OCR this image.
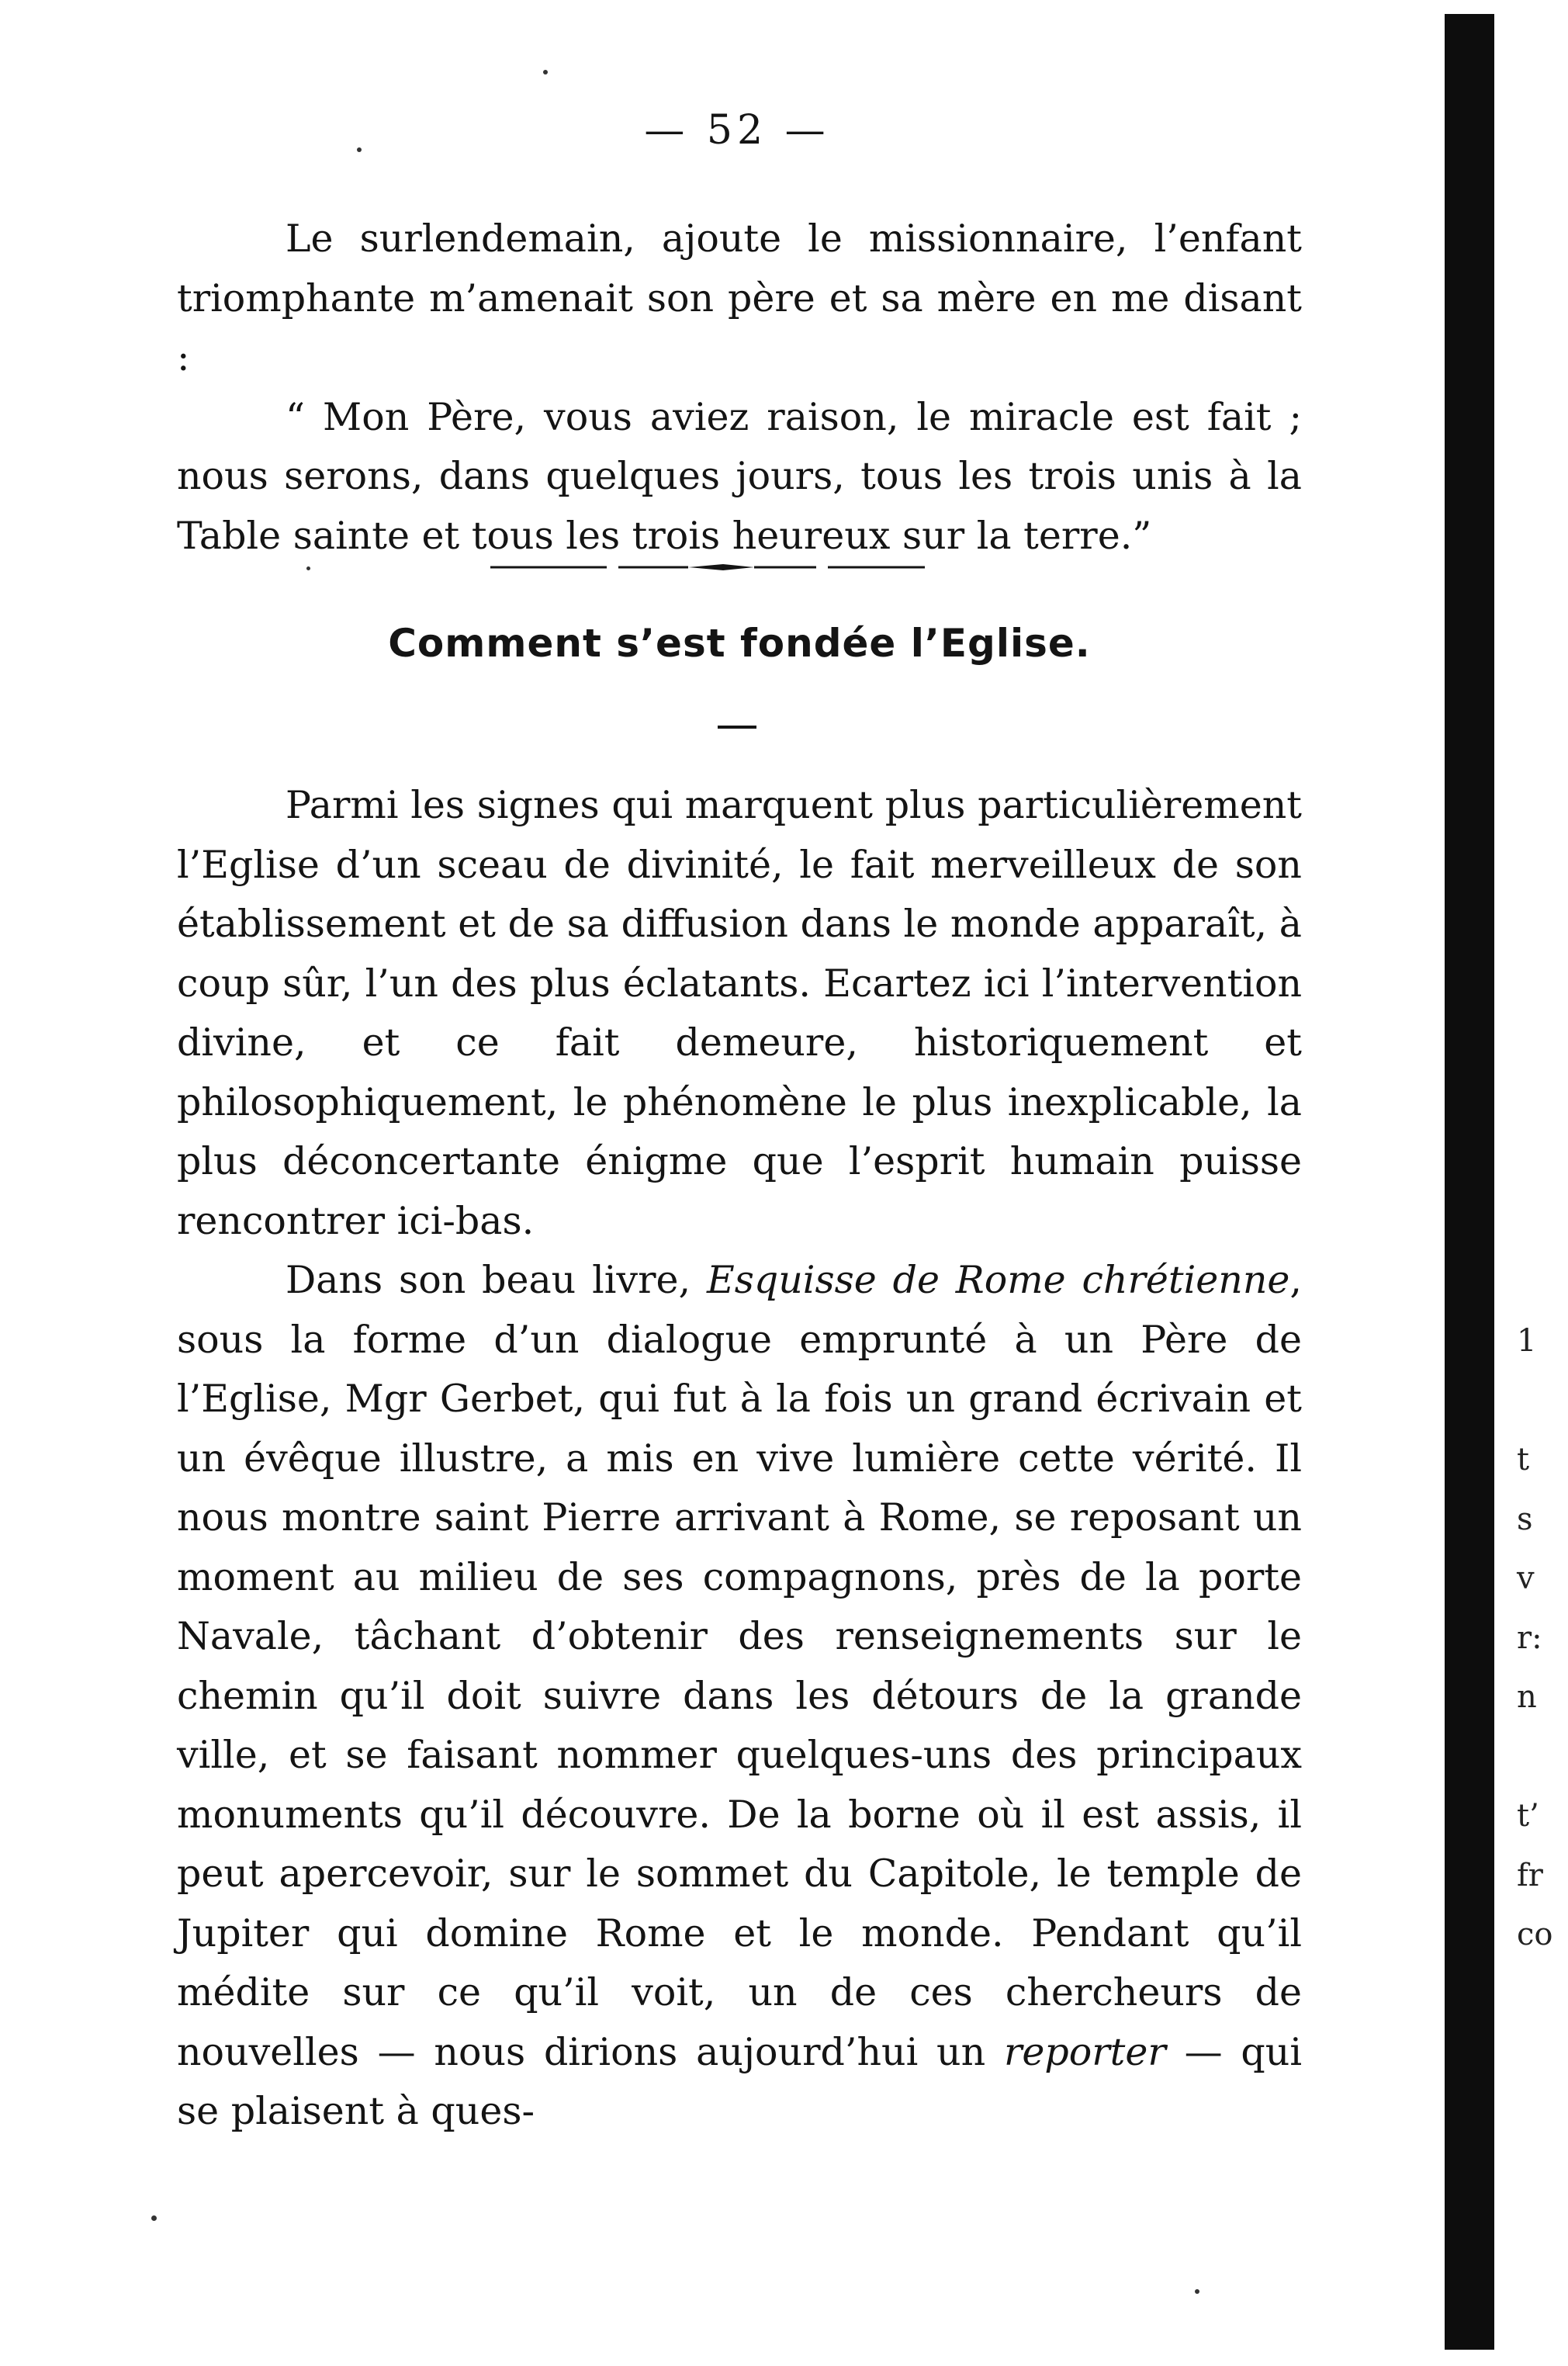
— 52 —

Le surlendemain, ajoute le missionnaire, l’enfant triomphante m’amenait son père et sa mère en me disant :

“ Mon Père, vous aviez raison, le miracle est fait ; nous serons, dans quelques jours, tous les trois unis à la Table sainte et tous les trois heureux sur la terre.”

Comment s’est fondée l’Eglise.

Parmi les signes qui marquent plus particulièrement l’Eglise d’un sceau de divinité, le fait merveilleux de son établissement et de sa diffusion dans le monde apparaît, à coup sûr, l’un des plus éclatants. Ecartez ici l’intervention divine, et ce fait demeure, historiquement et philosophiquement, le phénomène le plus inexplicable, la plus déconcertante énigme que l’esprit humain puisse rencontrer ici-bas.

Dans son beau livre, Esquisse de Rome chrétienne, sous la forme d’un dialogue emprunté à un Père de l’Eglise, Mgr Gerbet, qui fut à la fois un grand écrivain et un évêque illustre, a mis en vive lumière cette vérité. Il nous montre saint Pierre arrivant à Rome, se reposant un moment au milieu de ses compagnons, près de la porte Navale, tâchant d’obtenir des renseignements sur le chemin qu’il doit suivre dans les détours de la grande ville, et se faisant nommer quelques-uns des principaux monuments qu’il découvre. De la borne où il est assis, il peut apercevoir, sur le sommet du Capitole, le temple de Jupiter qui domine Rome et le monde. Pendant qu’il médite sur ce qu’il voit, un de ces chercheurs de nouvelles — nous dirions aujourd’hui un reporter — qui se plaisent à ques-

1
t
s
v
r:
n
t’
fr
co
